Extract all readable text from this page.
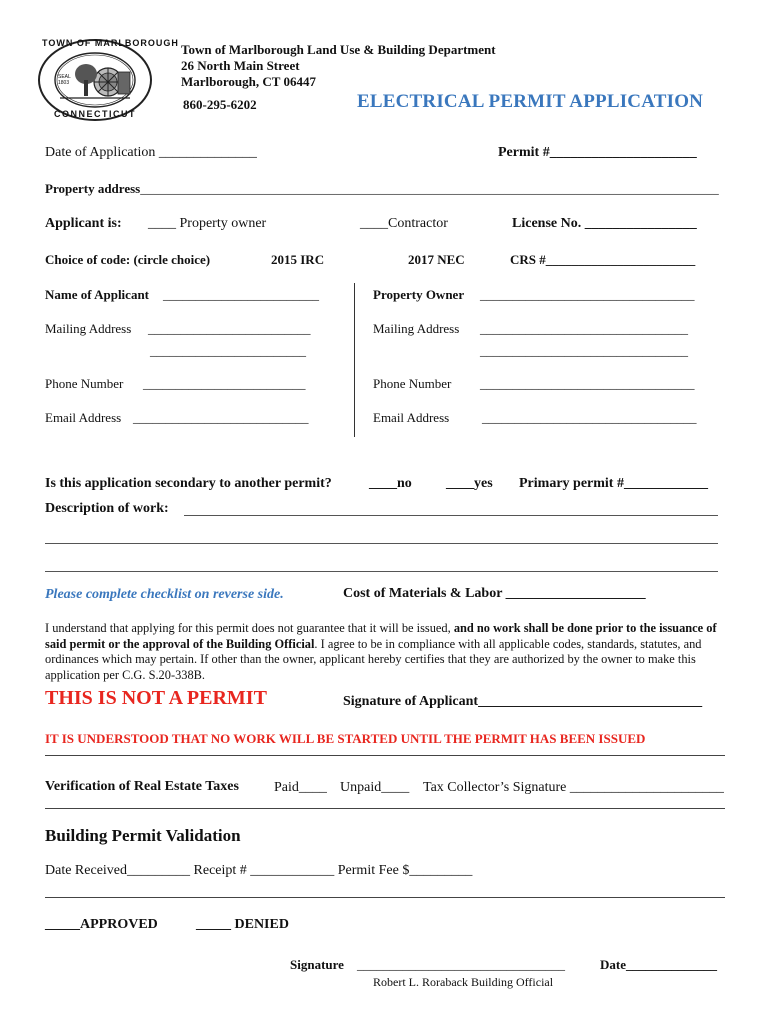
TOWN OF MARLBOROUGH
CONNECTICUT
SEAL 1803
Town of Marlborough Land Use & Building Department
26 North Main Street
Marlborough, CT 06447
860-295-6202	ELECTRICAL PERMIT APPLICATION
Date of Application ______________	Permit #_____________________
Property address_________________________________________________________________________________________
Applicant is: ____ Property owner	____Contractor	License No. ________________
Choice of code: (circle choice)	2015 IRC	2017 NEC	CRS #_______________________
Name of Applicant ________________________
Mailing Address _________________________
________________________
Phone Number _________________________
Email Address ___________________________
Property Owner _________________________________
Mailing Address ________________________________
________________________________
Phone Number _________________________________
Email Address	_________________________________
Is this application secondary to another permit?	____no ____yes Primary permit #____________
Description of work:
Please complete checklist on reverse side.	Cost of Materials & Labor ____________________
I understand that applying for this permit does not guarantee that it will be issued, and no work shall be done prior to the issuance of said permit or the approval of the Building Official. I agree to be in compliance with all applicable codes, standards, statutes, and ordinances which may pertain. If other than the owner, applicant hereby certifies that they are authorized by the owner to make this application per C.G. S.20-338B.
THIS IS NOT A PERMIT	Signature of Applicant________________________________
IT IS UNDERSTOOD THAT NO WORK WILL BE STARTED UNTIL THE PERMIT HAS BEEN ISSUED
Verification of Real Estate Taxes	Paid____ Unpaid____ Tax Collector’s Signature ______________________
Building Permit Validation
Date Received_________ Receipt # ____________ Permit Fee $_________
_____APPROVED	_____ DENIED
Signature ________________________________	Date______________
Robert L. Roraback Building Official
